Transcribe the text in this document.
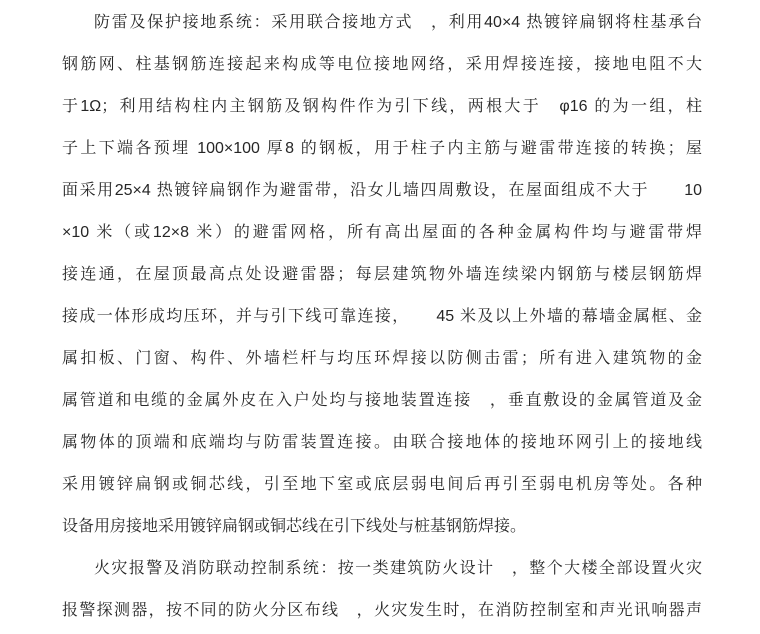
防雷及保护接地系统：采用联合接地方式　，利用40×4 热镀锌扁钢将柱基承台
钢筋网、柱基钢筋连接起来构成等电位接地网络，采用焊接连接，接地电阻不大
于1Ω；利用结构柱内主钢筋及钢构件作为引下线，两根大于　φ16 的为一组，柱
子上下端各预埋 100×100 厚8 的钢板，用于柱子内主筋与避雷带连接的转换；屋
面采用25×4 热镀锌扁钢作为避雷带，沿女儿墙四周敷设，在屋面组成不大于　　10
×10 米（或12×8 米）的避雷网格，所有高出屋面的各种金属构件均与避雷带焊
接连通，在屋顶最高点处设避雷器；每层建筑物外墙连续梁内钢筋与楼层钢筋焊
接成一体形成均压环，并与引下线可靠连接，　　45 米及以上外墙的幕墙金属框、金
属扣板、门窗、构件、外墙栏杆与均压环焊接以防侧击雷；所有进入建筑物的金
属管道和电缆的金属外皮在入户处均与接地装置连接　，垂直敷设的金属管道及金
属物体的顶端和底端均与防雷装置连接。由联合接地体的接地环网引上的接地线
采用镀锌扁钢或铜芯线，引至地下室或底层弱电间后再引至弱电机房等处。各种
设备用房接地采用镀锌扁钢或铜芯线在引下线处与桩基钢筋焊接。
火灾报警及消防联动控制系统：按一类建筑防火设计　，整个大楼全部设置火灾
报警探测器，按不同的防火分区布线　，火灾发生时，在消防控制室和声光讯响器声
